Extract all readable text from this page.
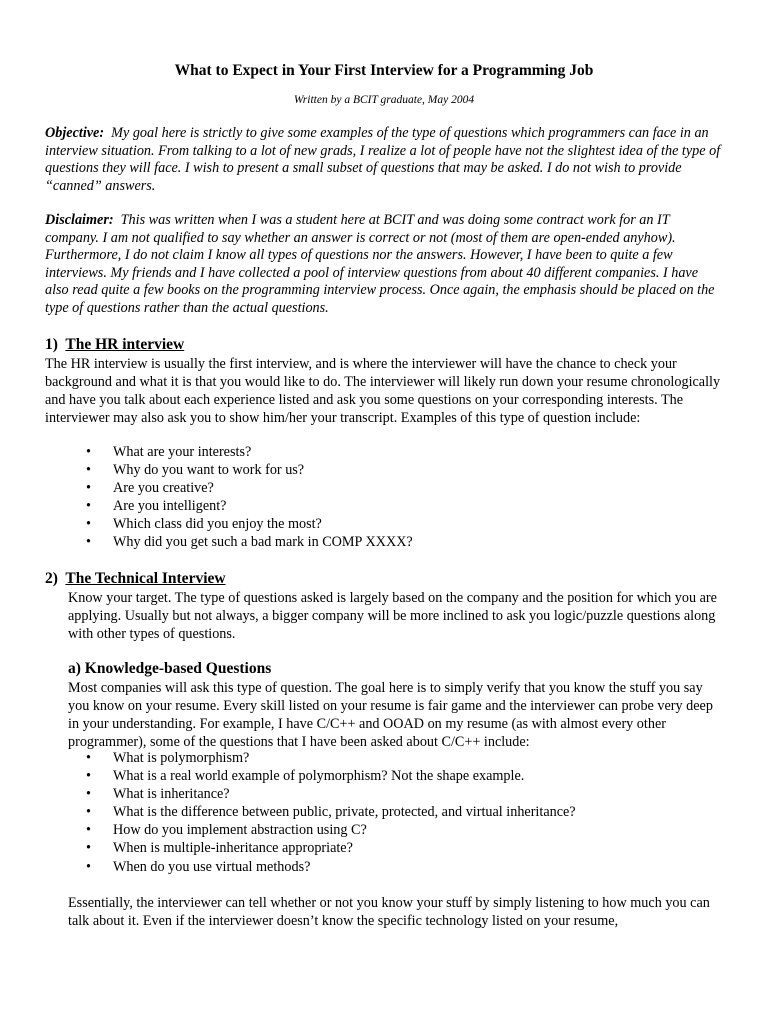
What to Expect in Your First Interview for a Programming Job

Written by a BCIT graduate, May 2004

Objective: My goal here is strictly to give some examples of the type of questions which programmers can face in an interview situation. From talking to a lot of new grads, I realize a lot of people have not the slightest idea of the type of questions they will face. I wish to present a small subset of questions that may be asked. I do not wish to provide “canned” answers.

Disclaimer: This was written when I was a student here at BCIT and was doing some contract work for an IT company. I am not qualified to say whether an answer is correct or not (most of them are open-ended anyhow). Furthermore, I do not claim I know all types of questions nor the answers. However, I have been to quite a few interviews. My friends and I have collected a pool of interview questions from about 40 different companies. I have also read quite a few books on the programming interview process. Once again, the emphasis should be placed on the type of questions rather than the actual questions.

1) The HR interview

The HR interview is usually the first interview, and is where the interviewer will have the chance to check your background and what it is that you would like to do. The interviewer will likely run down your resume chronologically and have you talk about each experience listed and ask you some questions on your corresponding interests. The interviewer may also ask you to show him/her your transcript. Examples of this type of question include:

• What are your interests?
• Why do you want to work for us?
• Are you creative?
• Are you intelligent?
• Which class did you enjoy the most?
• Why did you get such a bad mark in COMP XXXX?
2) The Technical Interview

Know your target. The type of questions asked is largely based on the company and the position for which you are applying. Usually but not always, a bigger company will be more inclined to ask you logic/puzzle questions along with other types of questions.

a) Knowledge-based Questions

Most companies will ask this type of question. The goal here is to simply verify that you know the stuff you say you know on your resume. Every skill listed on your resume is fair game and the interviewer can probe very deep in your understanding. For example, I have C/C++ and OOAD on my resume (as with almost every other programmer), some of the questions that I have been asked about C/C++ include:

• What is polymorphism?
• What is a real world example of polymorphism? Not the shape example.
• What is inheritance?
• What is the difference between public, private, protected, and virtual inheritance?
• How do you implement abstraction using C?
• When is multiple-inheritance appropriate?
• When do you use virtual methods?

Essentially, the interviewer can tell whether or not you know your stuff by simply listening to how much you can talk about it. Even if the interviewer doesn’t know the specific technology listed on your resume,
